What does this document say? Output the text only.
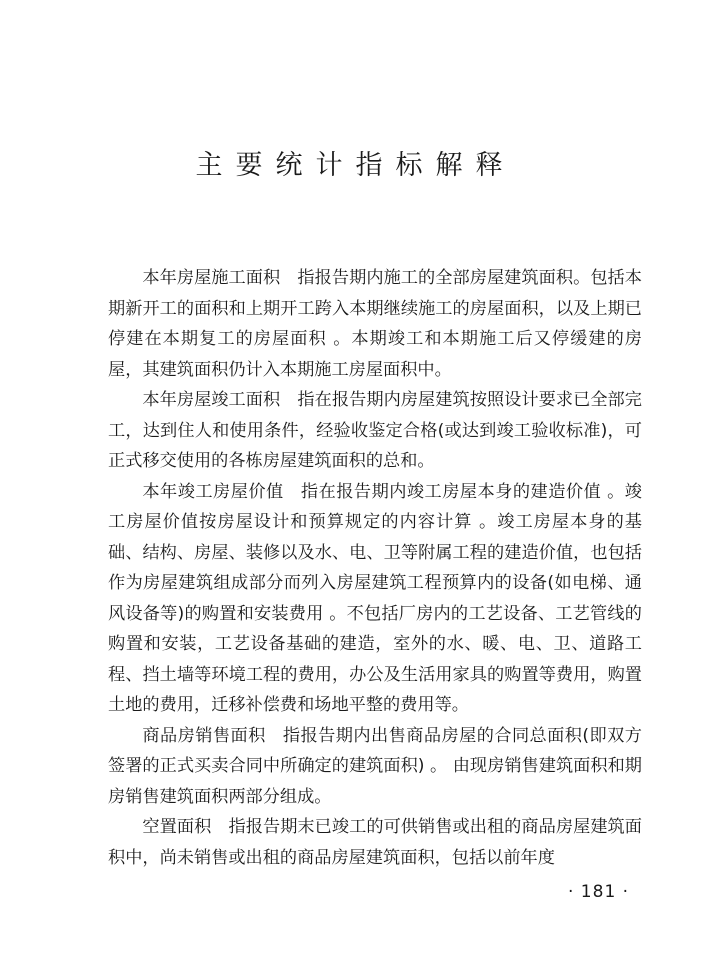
主要统计指标解释

本年房屋施工面积 指报告期内施工的全部房屋建筑面积。包括本期新开工的面积和上期开工跨入本期继续施工的房屋面积，以及上期已停建在本期复工的房屋面积 。本期竣工和本期施工后又停缓建的房屋，其建筑面积仍计入本期施工房屋面积中。

本年房屋竣工面积 指在报告期内房屋建筑按照设计要求已全部完工，达到住人和使用条件，经验收鉴定合格(或达到竣工验收标准)，可正式移交使用的各栋房屋建筑面积的总和。

本年竣工房屋价值 指在报告期内竣工房屋本身的建造价值 。竣工房屋价值按房屋设计和预算规定的内容计算 。竣工房屋本身的基础、结构、房屋、装修以及水、电、卫等附属工程的建造价值，也包括作为房屋建筑组成部分而列入房屋建筑工程预算内的设备(如电梯、通风设备等)的购置和安装费用 。不包括厂房内的工艺设备、工艺管线的购置和安装，工艺设备基础的建造，室外的水、暖、电、卫、道路工程、挡土墙等环境工程的费用，办公及生活用家具的购置等费用，购置土地的费用，迁移补偿费和场地平整的费用等。

商品房销售面积 指报告期内出售商品房屋的合同总面积(即双方签署的正式买卖合同中所确定的建筑面积) 。 由现房销售建筑面积和期房销售建筑面积两部分组成。

空置面积 指报告期末已竣工的可供销售或出租的商品房屋建筑面积中，尚未销售或出租的商品房屋建筑面积，包括以前年度

· 181 ·
